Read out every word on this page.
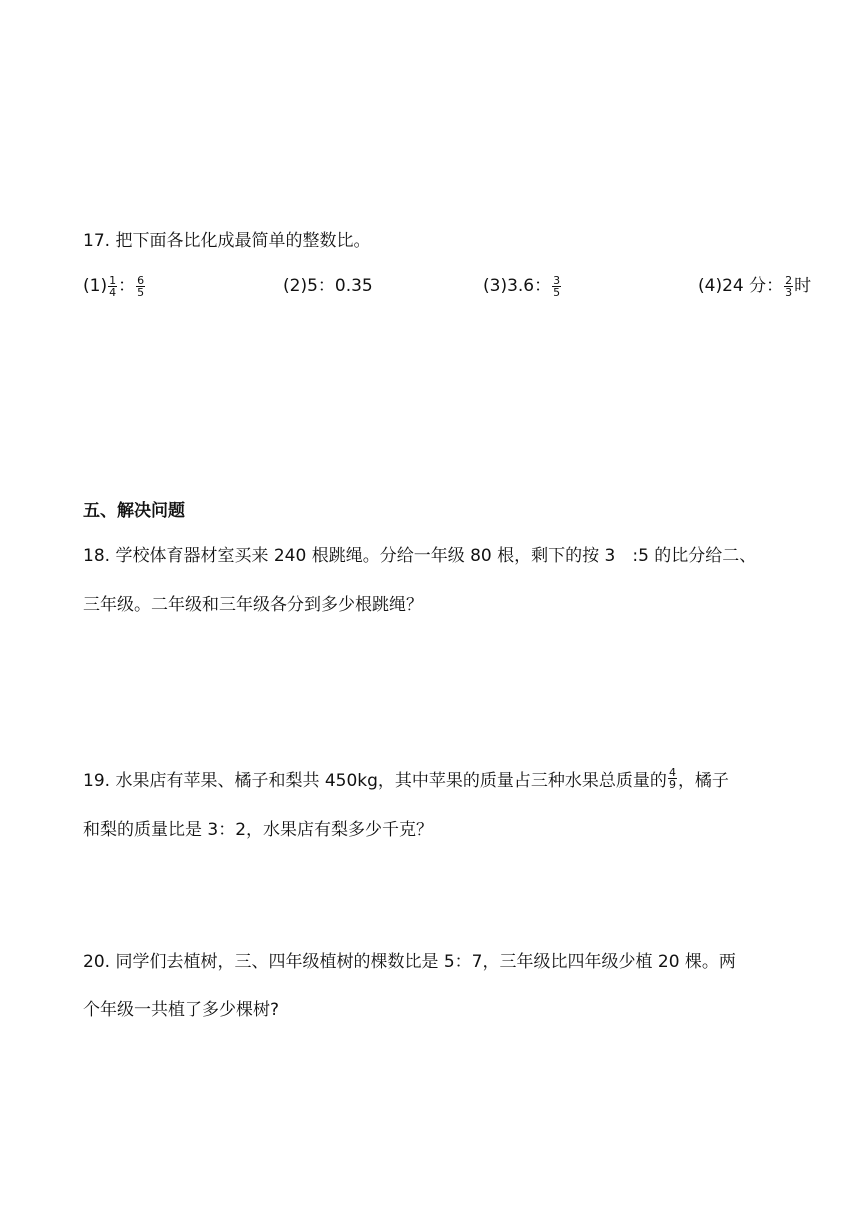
17. 把下面各比化成最简单的整数比。
$(1) \frac{1}{4}$ ： $\frac{6}{5}$	(2)5：0.35	(3)3.6： $\frac{3}{5}$	(4)24 分： $\frac{2}{3}$ 时
五、解决问题
18. 学校体育器材室买来 240 根跳绳。分给一年级 80 根，剩下的按 3　:5 的比分给二、
三年级。二年级和三年级各分到多少根跳绳？
19. 水果店有苹果、橘子和梨共 450kg，其中苹果的质量占三种水果总质量的 $\frac{4}{9}$ ，橘子
和梨的质量比是 3：2，水果店有梨多少千克？
20. 同学们去植树，三、四年级植树的棵数比是 5：7，三年级比四年级少植 20 棵。两
个年级一共植了多少棵树?
